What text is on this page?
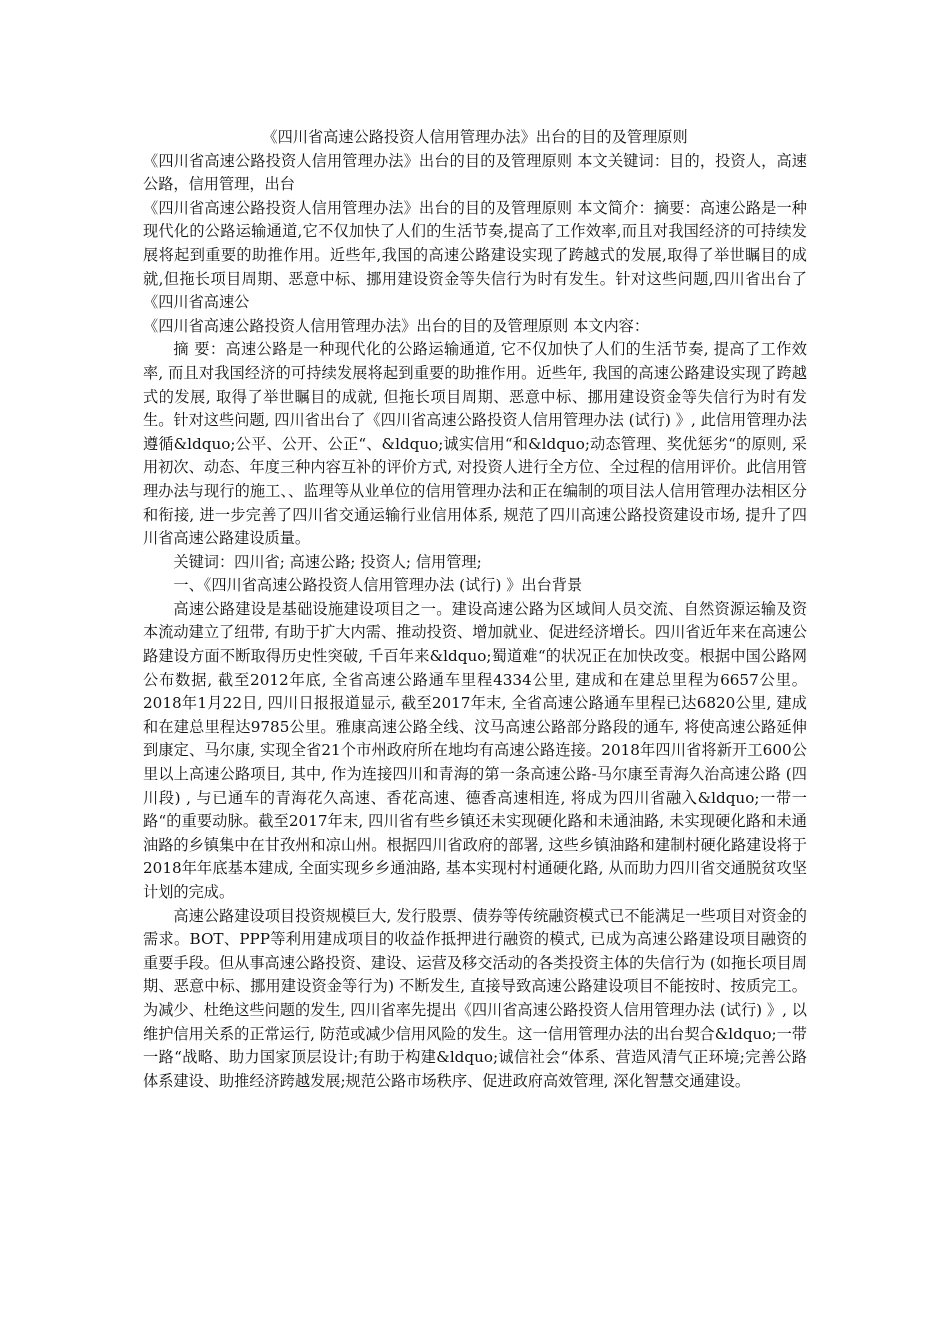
《四川省高速公路投资人信用管理办法》出台的目的及管理原则

《四川省高速公路投资人信用管理办法》出台的目的及管理原则 本文关键词：目的，投资人，高速公路，信用管理，出台

《四川省高速公路投资人信用管理办法》出台的目的及管理原则 本文简介：摘要：高速公路是一种现代化的公路运输通道,它不仅加快了人们的生活节奏,提高了工作效率,而且对我国经济的可持续发展将起到重要的助推作用。近些年,我国的高速公路建设实现了跨越式的发展,取得了举世瞩目的成就,但拖长项目周期、恶意中标、挪用建设资金等失信行为时有发生。针对这些问题,四川省出台了《四川省高速公

《四川省高速公路投资人信用管理办法》出台的目的及管理原则 本文内容：

摘 要：高速公路是一种现代化的公路运输通道, 它不仅加快了人们的生活节奏, 提高了工作效率, 而且对我国经济的可持续发展将起到重要的助推作用。近些年, 我国的高速公路建设实现了跨越式的发展, 取得了举世瞩目的成就, 但拖长项目周期、恶意中标、挪用建设资金等失信行为时有发生。针对这些问题, 四川省出台了《四川省高速公路投资人信用管理办法 (试行) 》, 此信用管理办法遵循&ldquo;公平、公开、公正“、&ldquo;诚实信用“和&ldquo;动态管理、奖优惩劣“的原则, 采用初次、动态、年度三种内容互补的评价方式, 对投资人进行全方位、全过程的信用评价。此信用管理办法与现行的施工、、监理等从业单位的信用管理办法和正在编制的项目法人信用管理办法相区分和衔接, 进一步完善了四川省交通运输行业信用体系, 规范了四川高速公路投资建设市场, 提升了四川省高速公路建设质量。

关键词：四川省; 高速公路; 投资人; 信用管理;

一、《四川省高速公路投资人信用管理办法 (试行) 》出台背景

高速公路建设是基础设施建设项目之一。建设高速公路为区域间人员交流、自然资源运输及资本流动建立了纽带, 有助于扩大内需、推动投资、增加就业、促进经济增长。四川省近年来在高速公路建设方面不断取得历史性突破, 千百年来&ldquo;蜀道难“的状况正在加快改变。根据中国公路网公布数据, 截至2012年底, 全省高速公路通车里程4334公里, 建成和在建总里程为6657公里。2018年1月22日, 四川日报报道显示, 截至2017年末, 全省高速公路通车里程已达6820公里, 建成和在建总里程达9785公里。雅康高速公路全线、汶马高速公路部分路段的通车, 将使高速公路延伸到康定、马尔康, 实现全省21个市州政府所在地均有高速公路连接。2018年四川省将新开工600公里以上高速公路项目, 其中, 作为连接四川和青海的第一条高速公路-马尔康至青海久治高速公路 (四川段) , 与已通车的青海花久高速、香花高速、德香高速相连, 将成为四川省融入&ldquo;一带一路“的重要动脉。截至2017年末, 四川省有些乡镇还未实现硬化路和未通油路, 未实现硬化路和未通油路的乡镇集中在甘孜州和凉山州。根据四川省政府的部署, 这些乡镇油路和建制村硬化路建设将于2018年年底基本建成, 全面实现乡乡通油路, 基本实现村村通硬化路, 从而助力四川省交通脱贫攻坚计划的完成。

高速公路建设项目投资规模巨大, 发行股票、债券等传统融资模式已不能满足一些项目对资金的需求。BOT、PPP等利用建成项目的收益作抵押进行融资的模式, 已成为高速公路建设项目融资的重要手段。但从事高速公路投资、建设、运营及移交活动的各类投资主体的失信行为 (如拖长项目周期、恶意中标、挪用建设资金等行为) 不断发生, 直接导致高速公路建设项目不能按时、按质完工。为减少、杜绝这些问题的发生, 四川省率先提出《四川省高速公路投资人信用管理办法 (试行) 》, 以维护信用关系的正常运行, 防范或减少信用风险的发生。这一信用管理办法的出台契合&ldquo;一带一路“战略、助力国家顶层设计;有助于构建&ldquo;诚信社会“体系、营造风清气正环境;完善公路体系建设、助推经济跨越发展;规范公路市场秩序、促进政府高效管理, 深化智慧交通建设。
